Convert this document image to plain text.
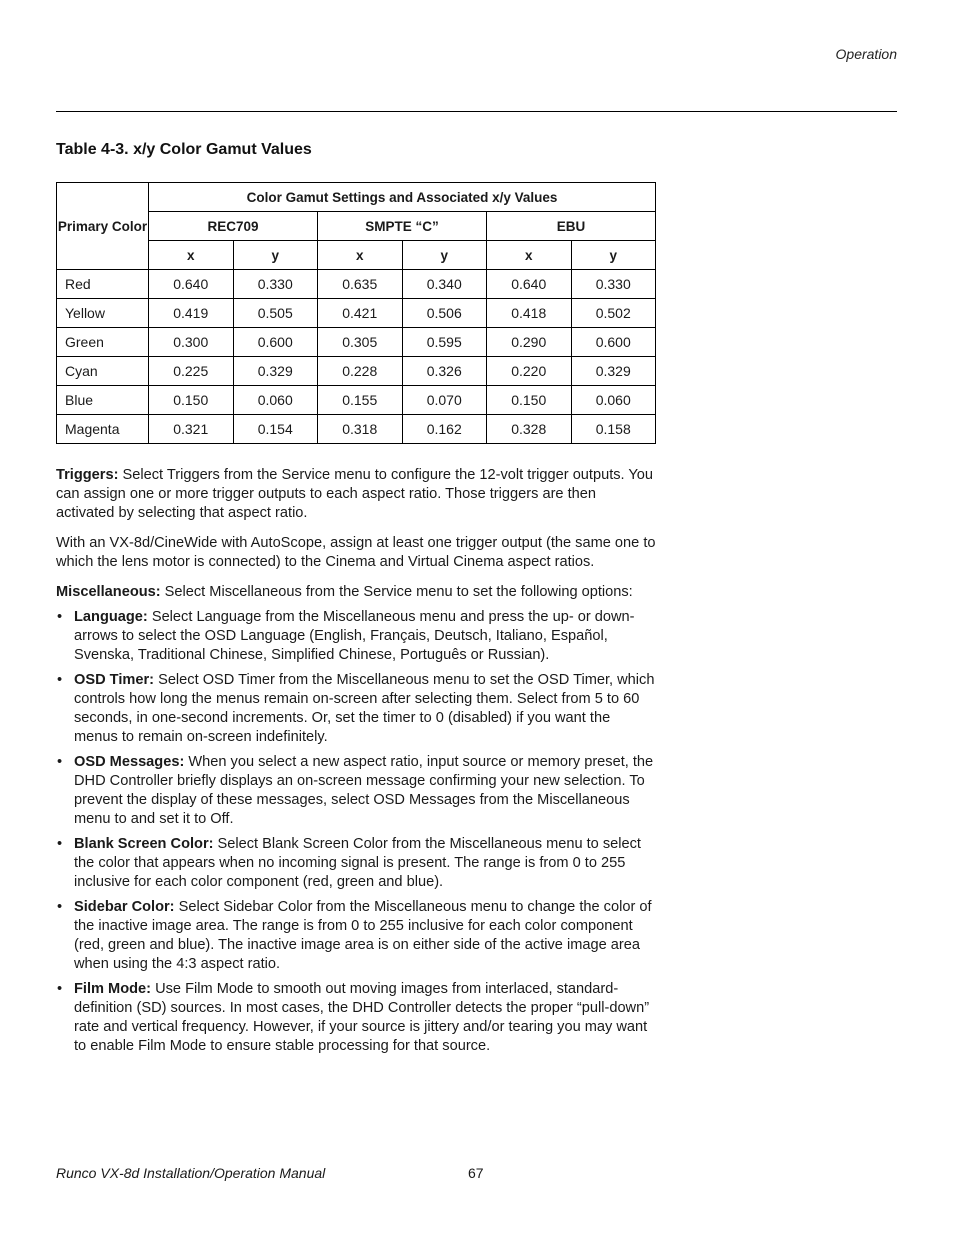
Operation
Table 4-3. x/y Color Gamut Values
Primary Color	Color Gamut Settings and Associated x/y Values					
	REC709		SMPTE “C”		EBU	
	x	y	x	y	x	y
Red	0.640	0.330	0.635	0.340	0.640	0.330
Yellow	0.419	0.505	0.421	0.506	0.418	0.502
Green	0.300	0.600	0.305	0.595	0.290	0.600
Cyan	0.225	0.329	0.228	0.326	0.220	0.329
Blue	0.150	0.060	0.155	0.070	0.150	0.060
Magenta	0.321	0.154	0.318	0.162	0.328	0.158

Triggers: Select Triggers from the Service menu to configure the 12-volt trigger outputs. You can assign one or more trigger outputs to each aspect ratio. Those triggers are then activated by selecting that aspect ratio.

With an VX-8d/CineWide with AutoScope, assign at least one trigger output (the same one to which the lens motor is connected) to the Cinema and Virtual Cinema aspect ratios.

Miscellaneous: Select Miscellaneous from the Service menu to set the following options:

• Language: Select Language from the Miscellaneous menu and press the up- or down-arrows to select the OSD Language (English, Français, Deutsch, Italiano, Español, Svenska, Traditional Chinese, Simplified Chinese, Português or Russian).
• OSD Timer: Select OSD Timer from the Miscellaneous menu to set the OSD Timer, which controls how long the menus remain on-screen after selecting them. Select from 5 to 60 seconds, in one-second increments. Or, set the timer to 0 (disabled) if you want the menus to remain on-screen indefinitely.
• OSD Messages: When you select a new aspect ratio, input source or memory preset, the DHD Controller briefly displays an on-screen message confirming your new selection. To prevent the display of these messages, select OSD Messages from the Miscellaneous menu to and set it to Off.
• Blank Screen Color: Select Blank Screen Color from the Miscellaneous menu to select the color that appears when no incoming signal is present. The range is from 0 to 255 inclusive for each color component (red, green and blue).
• Sidebar Color: Select Sidebar Color from the Miscellaneous menu to change the color of the inactive image area. The range is from 0 to 255 inclusive for each color component (red, green and blue). The inactive image area is on either side of the active image area when using the 4:3 aspect ratio.
• Film Mode: Use Film Mode to smooth out moving images from interlaced, standard-definition (SD) sources. In most cases, the DHD Controller detects the proper “pull-down” rate and vertical frequency. However, if your source is jittery and/or tearing you may want to enable Film Mode to ensure stable processing for that source.
Runco VX-8d Installation/Operation Manual	67
